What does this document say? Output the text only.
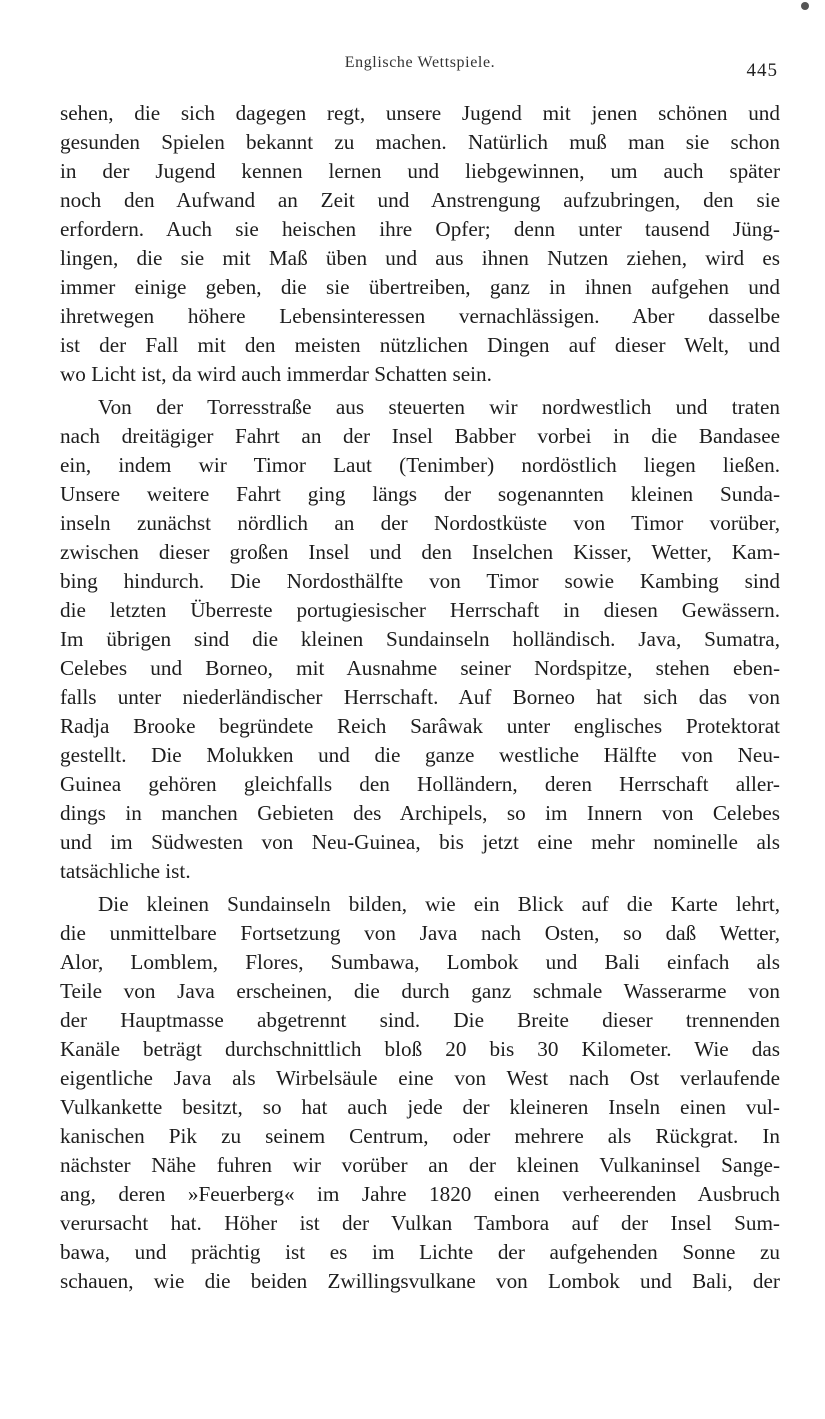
Englische Wettspiele.	445
sehen, die sich dagegen regt, unsere Jugend mit jenen schönen und
gesunden Spielen bekannt zu machen. Natürlich muß man sie schon
in der Jugend kennen lernen und liebgewinnen, um auch später
noch den Aufwand an Zeit und Anstrengung aufzubringen, den sie
erfordern. Auch sie heischen ihre Opfer; denn unter tausend Jüng-
lingen, die sie mit Maß üben und aus ihnen Nutzen ziehen, wird es
immer einige geben, die sie übertreiben, ganz in ihnen aufgehen und
ihretwegen höhere Lebensinteressen vernachlässigen. Aber dasselbe
ist der Fall mit den meisten nützlichen Dingen auf dieser Welt, und
wo Licht ist, da wird auch immerdar Schatten sein.
Von der Torresstraße aus steuerten wir nordwestlich und traten
nach dreitägiger Fahrt an der Insel Babber vorbei in die Bandasee
ein, indem wir Timor Laut (Tenimber) nordöstlich liegen ließen.
Unsere weitere Fahrt ging längs der sogenannten kleinen Sunda-
inseln zunächst nördlich an der Nordostküste von Timor vorüber,
zwischen dieser großen Insel und den Inselchen Kisser, Wetter, Kam-
bing hindurch. Die Nordosthälfte von Timor sowie Kambing sind
die letzten Überreste portugiesischer Herrschaft in diesen Gewässern.
Im übrigen sind die kleinen Sundainseln holländisch. Java, Sumatra,
Celebes und Borneo, mit Ausnahme seiner Nordspitze, stehen eben-
falls unter niederländischer Herrschaft. Auf Borneo hat sich das von
Radja Brooke begründete Reich Sarâwak unter englisches Protektorat
gestellt. Die Molukken und die ganze westliche Hälfte von Neu-
Guinea gehören gleichfalls den Holländern, deren Herrschaft aller-
dings in manchen Gebieten des Archipels, so im Innern von Celebes
und im Südwesten von Neu-Guinea, bis jetzt eine mehr nominelle als
tatsächliche ist.
Die kleinen Sundainseln bilden, wie ein Blick auf die Karte lehrt,
die unmittelbare Fortsetzung von Java nach Osten, so daß Wetter,
Alor, Lomblem, Flores, Sumbawa, Lombok und Bali einfach als
Teile von Java erscheinen, die durch ganz schmale Wasserarme von
der Hauptmasse abgetrennt sind. Die Breite dieser trennenden
Kanäle beträgt durchschnittlich bloß 20 bis 30 Kilometer. Wie das
eigentliche Java als Wirbelsäule eine von West nach Ost verlaufende
Vulkankette besitzt, so hat auch jede der kleineren Inseln einen vul-
kanischen Pik zu seinem Centrum, oder mehrere als Rückgrat. In
nächster Nähe fuhren wir vorüber an der kleinen Vulkaninsel Sange-
ang, deren »Feuerberg« im Jahre 1820 einen verheerenden Ausbruch
verursacht hat. Höher ist der Vulkan Tambora auf der Insel Sum-
bawa, und prächtig ist es im Lichte der aufgehenden Sonne zu
schauen, wie die beiden Zwillingsvulkane von Lombok und Bali, der
